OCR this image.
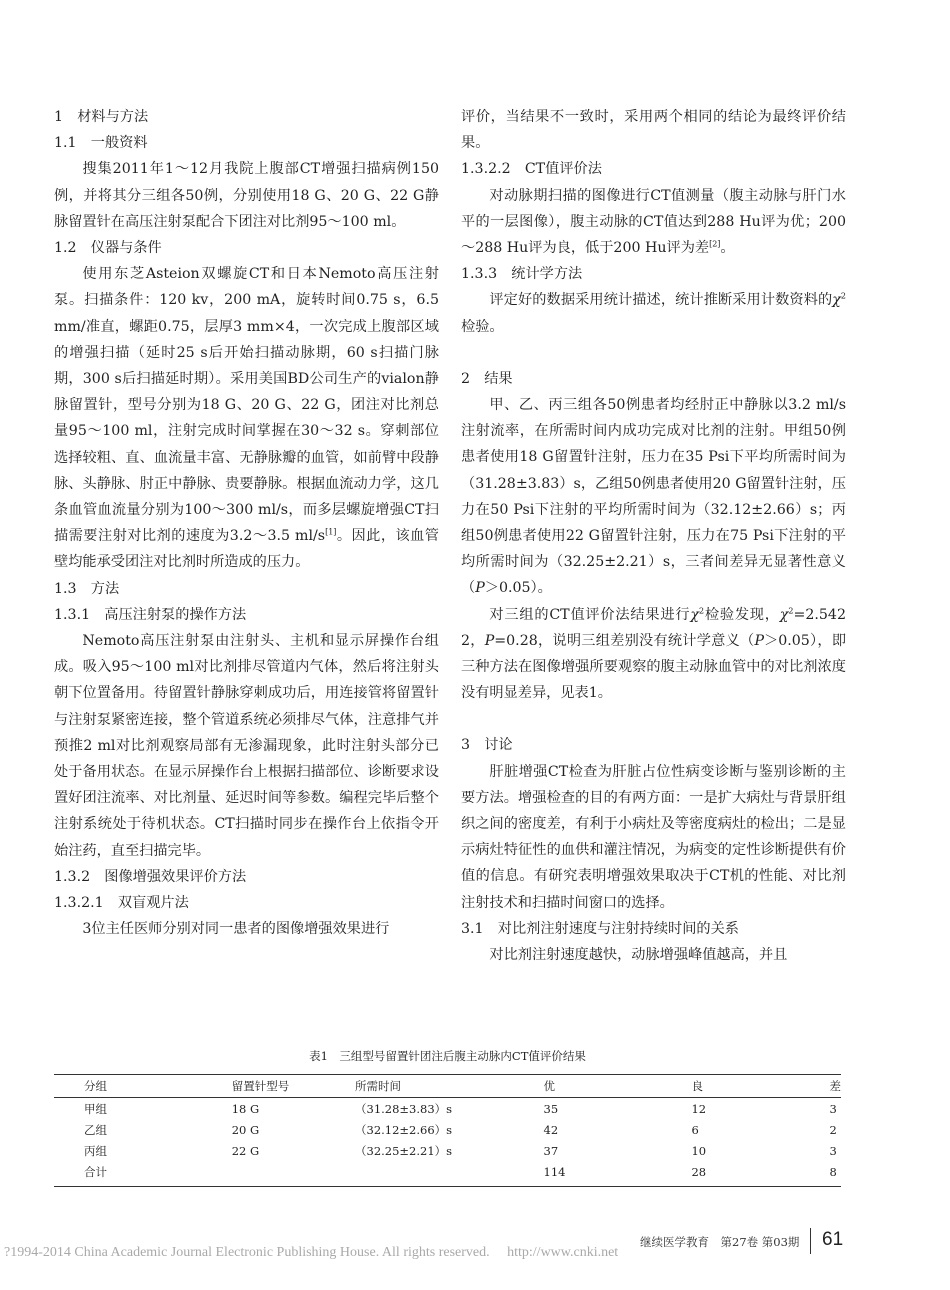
1　材料与方法

1.1　一般资料

搜集2011年1～12月我院上腹部CT增强扫描病例150例，并将其分三组各50例，分别使用18 G、20 G、22 G静脉留置针在高压注射泵配合下团注对比剂95～100 ml。

1.2　仪器与条件

使用东芝Asteion双螺旋CT和日本Nemoto高压注射泵。扫描条件：120 kv，200 mA，旋转时间0.75 s，6.5 mm/准直，螺距0.75，层厚3 mm×4，一次完成上腹部区域的增强扫描（延时25 s后开始扫描动脉期，60 s扫描门脉期，300 s后扫描延时期）。采用美国BD公司生产的vialon静脉留置针，型号分别为18 G、20 G、22 G，团注对比剂总量95～100 ml，注射完成时间掌握在30～32 s。穿刺部位选择较粗、直、血流量丰富、无静脉瓣的血管，如前臂中段静脉、头静脉、肘正中静脉、贵要静脉。根据血流动力学，这几条血管血流量分别为100～300 ml/s，而多层螺旋增强CT扫描需要注射对比剂的速度为3.2～3.5 ml/s[1]。因此，该血管壁均能承受团注对比剂时所造成的压力。

1.3　方法

1.3.1　高压注射泵的操作方法

Nemoto高压注射泵由注射头、主机和显示屏操作台组成。吸入95～100 ml对比剂排尽管道内气体，然后将注射头朝下位置备用。待留置针静脉穿刺成功后，用连接管将留置针与注射泵紧密连接，整个管道系统必须排尽气体，注意排气并预推2 ml对比剂观察局部有无渗漏现象，此时注射头部分已处于备用状态。在显示屏操作台上根据扫描部位、诊断要求设置好团注流率、对比剂量、延迟时间等参数。编程完毕后整个注射系统处于待机状态。CT扫描时同步在操作台上依指令开始注药，直至扫描完毕。

1.3.2　图像增强效果评价方法

1.3.2.1　双盲观片法

3位主任医师分别对同一患者的图像增强效果进行

评价，当结果不一致时，采用两个相同的结论为最终评价结果。

1.3.2.2　CT值评价法

对动脉期扫描的图像进行CT值测量（腹主动脉与肝门水平的一层图像），腹主动脉的CT值达到288 Hu评为优；200～288 Hu评为良，低于200 Hu评为差[2]。

1.3.3　统计学方法

评定好的数据采用统计描述，统计推断采用计数资料的$\chi^2$检验。

2　结果

甲、乙、丙三组各50例患者均经肘正中静脉以3.2 ml/s注射流率，在所需时间内成功完成对比剂的注射。甲组50例患者使用18 G留置针注射，压力在35 Psi下平均所需时间为（31.28±3.83）s，乙组50例患者使用20 G留置针注射，压力在50 Psi下注射的平均所需时间为（32.12±2.66）s；丙组50例患者使用22 G留置针注射，压力在75 Psi下注射的平均所需时间为（32.25±2.21）s，三者间差异无显著性意义（P＞0.05）。

对三组的CT值评价法结果进行$\chi^2$检验发现，$\chi^2=2.542$ 2，P=0.28，说明三组差别没有统计学意义（P＞0.05），即三种方法在图像增强所要观察的腹主动脉血管中的对比剂浓度没有明显差异，见表1。

3　讨论

肝脏增强CT检查为肝脏占位性病变诊断与鉴别诊断的主要方法。增强检查的目的有两方面：一是扩大病灶与背景肝组织之间的密度差，有利于小病灶及等密度病灶的检出；二是显示病灶特征性的血供和灌注情况，为病变的定性诊断提供有价值的信息。有研究表明增强效果取决于CT机的性能、对比剂注射技术和扫描时间窗口的选择。

3.1　对比剂注射速度与注射持续时间的关系

对比剂注射速度越快，动脉增强峰值越高，并且

表1　三组型号留置针团注后腹主动脉内CT值评价结果
分组	留置针型号	所需时间	优	良	差
甲组	18 G	（31.28±3.83）s	35	12	3
乙组	20 G	（32.12±2.66）s	42	6	2
丙组	22 G	（32.25±2.21）s	37	10	3
合计			114	28	8
继续医学教育　第27卷 第03期 61
?1994-2014 China Academic Journal Electronic Publishing House. All rights reserved.　 http://www.cnki.net
